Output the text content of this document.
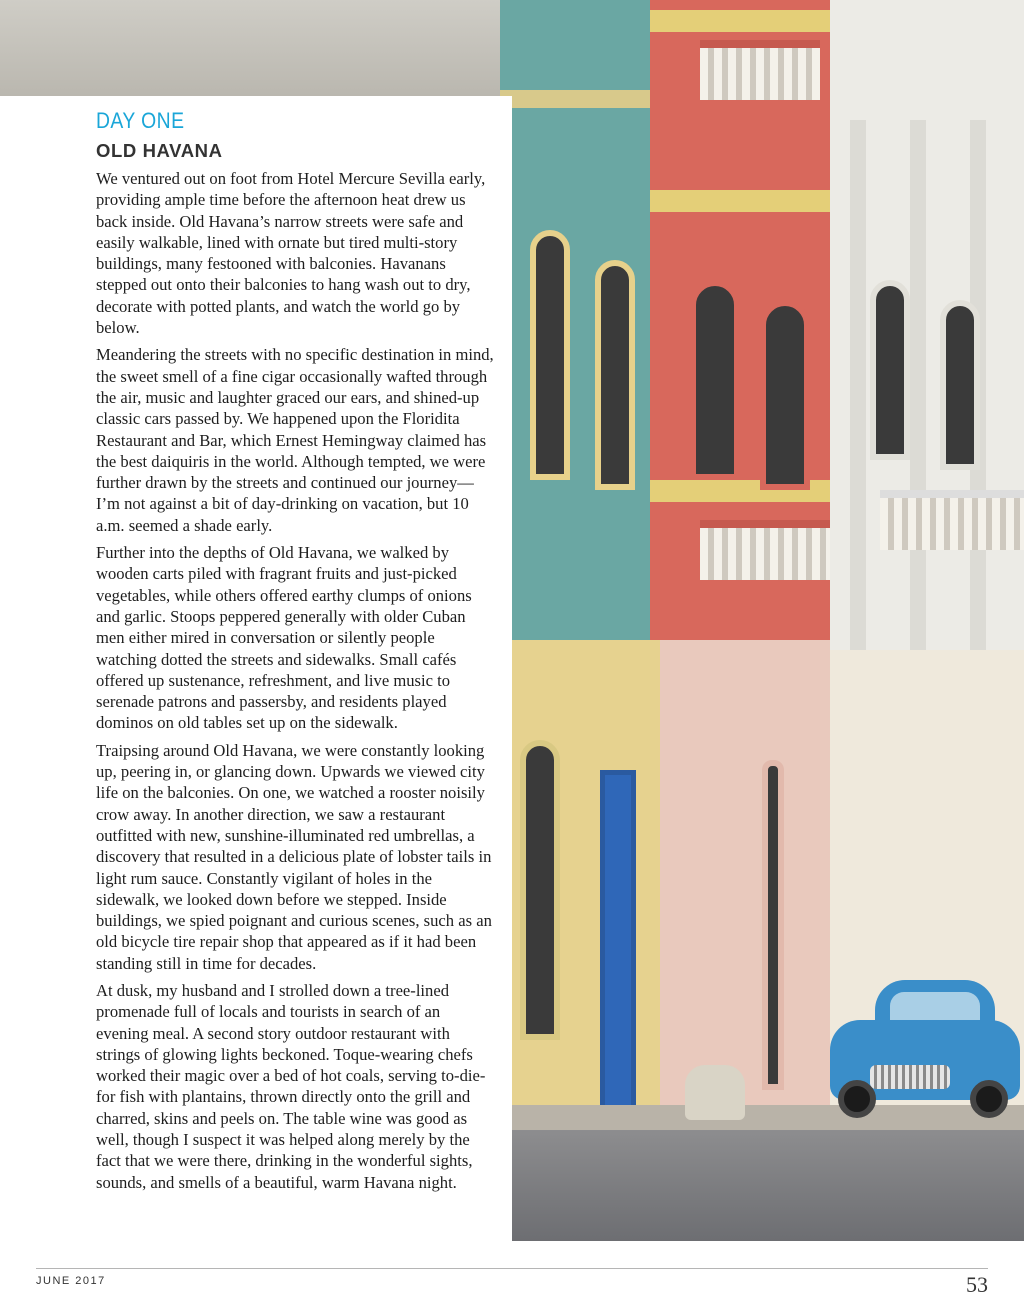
DAY ONE
OLD HAVANA

We ventured out on foot from Hotel Mercure Sevilla early, providing ample time before the afternoon heat drew us back inside. Old Havana’s narrow streets were safe and easily walkable, lined with ornate but tired multi-story buildings, many festooned with balconies. Havanans stepped out onto their balconies to hang wash out to dry, decorate with potted plants, and watch the world go by below.

Meandering the streets with no specific destination in mind, the sweet smell of a fine cigar occasionally wafted through the air, music and laughter graced our ears, and shined-up classic cars passed by. We happened upon the Floridita Restaurant and Bar, which Ernest Hemingway claimed has the best daiquiris in the world. Although tempted, we were further drawn by the streets and continued our journey—I’m not against a bit of day-drinking on vacation, but 10 a.m. seemed a shade early.

Further into the depths of Old Havana, we walked by wooden carts piled with fragrant fruits and just-picked vegetables, while others offered earthy clumps of onions and garlic. Stoops peppered generally with older Cuban men either mired in conversation or silently people watching dotted the streets and sidewalks. Small cafés offered up sustenance, refreshment, and live music to serenade patrons and passersby, and residents played dominos on old tables set up on the sidewalk.

Traipsing around Old Havana, we were constantly looking up, peering in, or glancing down. Upwards we viewed city life on the balconies. On one, we watched a rooster noisily crow away. In another direction, we saw a restaurant outfitted with new, sunshine-illuminated red umbrellas, a discovery that resulted in a delicious plate of lobster tails in light rum sauce. Constantly vigilant of holes in the sidewalk, we looked down before we stepped. Inside buildings, we spied poignant and curious scenes, such as an old bicycle tire repair shop that appeared as if it had been standing still in time for decades.

At dusk, my husband and I strolled down a tree-lined promenade full of locals and tourists in search of an evening meal. A second story outdoor restaurant with strings of glowing lights beckoned. Toque-wearing chefs worked their magic over a bed of hot coals, serving to-die-for fish with plantains, thrown directly onto the grill and charred, skins and peels on. The table wine was good as well, though I suspect it was helped along merely by the fact that we were there, drinking in the wonderful sights, sounds, and smells of a beautiful, warm Havana night.

JUNE 2017	53
